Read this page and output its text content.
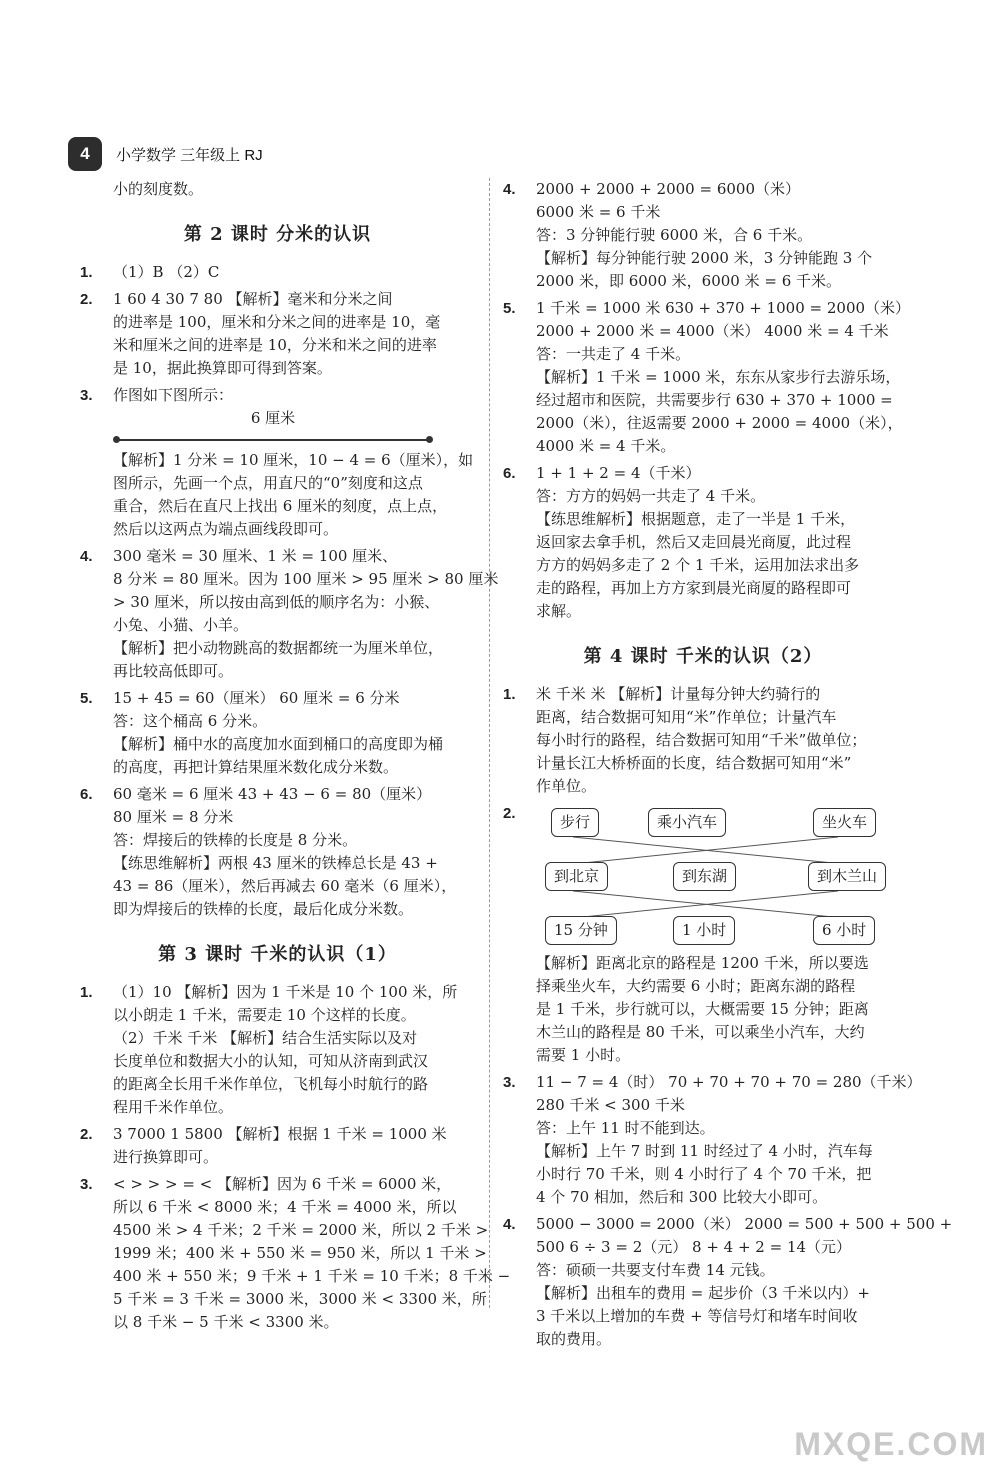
4	小学数学 三年级上 RJ
小的刻度数。
第 2 课时 分米的认识
1. （1）B （2）C
2. 1 60 4 30 7 80 【解析】毫米和分米之间
的进率是 100，厘米和分米之间的进率是 10，毫
米和厘米之间的进率是 10，分米和米之间的进率
是 10，据此换算即可得到答案。
3. 作图如下图所示：
6 厘米
【解析】1 分米 = 10 厘米，10 − 4 = 6（厘米），如
图所示，先画一个点，用直尺的“0”刻度和这点
重合，然后在直尺上找出 6 厘米的刻度，点上点，
然后以这两点为端点画线段即可。
4. 300 毫米 = 30 厘米、1 米 = 100 厘米、
8 分米 = 80 厘米。因为 100 厘米 > 95 厘米 > 80 厘米
> 30 厘米，所以按由高到低的顺序名为：小猴、
小兔、小猫、小羊。
【解析】把小动物跳高的数据都统一为厘米单位，
再比较高低即可。
5. 15 + 45 = 60（厘米） 60 厘米 = 6 分米
答：这个桶高 6 分米。
【解析】桶中水的高度加水面到桶口的高度即为桶
的高度，再把计算结果厘米数化成分米数。
6. 60 毫米 = 6 厘米 43 + 43 − 6 = 80（厘米）
80 厘米 = 8 分米
答：焊接后的铁棒的长度是 8 分米。
【练思维解析】两根 43 厘米的铁棒总长是 43 +
43 = 86（厘米），然后再减去 60 毫米（6 厘米），
即为焊接后的铁棒的长度，最后化成分米数。
第 3 课时 千米的认识（1）
1. （1）10 【解析】因为 1 千米是 10 个 100 米，所
以小朗走 1 千米，需要走 10 个这样的长度。
（2）千米 千米 【解析】结合生活实际以及对
长度单位和数据大小的认知，可知从济南到武汉
的距离全长用千米作单位，飞机每小时航行的路
程用千米作单位。
2. 3 7000 1 5800 【解析】根据 1 千米 = 1000 米
进行换算即可。
3. < > > > = < 【解析】因为 6 千米 = 6000 米，
所以 6 千米 < 8000 米；4 千米 = 4000 米，所以
4500 米 > 4 千米；2 千米 = 2000 米，所以 2 千米 >
1999 米；400 米 + 550 米 = 950 米，所以 1 千米 >
400 米 + 550 米；9 千米 + 1 千米 = 10 千米；8 千米 −
5 千米 = 3 千米 = 3000 米，3000 米 < 3300 米，所
以 8 千米 − 5 千米 < 3300 米。
4. 2000 + 2000 + 2000 = 6000（米）
6000 米 = 6 千米
答：3 分钟能行驶 6000 米，合 6 千米。
【解析】每分钟能行驶 2000 米，3 分钟能跑 3 个
2000 米，即 6000 米，6000 米 = 6 千米。
5. 1 千米 = 1000 米 630 + 370 + 1000 = 2000（米）
2000 + 2000 米 = 4000（米） 4000 米 = 4 千米
答：一共走了 4 千米。
【解析】1 千米 = 1000 米，东东从家步行去游乐场，
经过超市和医院，共需要步行 630 + 370 + 1000 =
2000（米），往返需要 2000 + 2000 = 4000（米），
4000 米 = 4 千米。
6. 1 + 1 + 2 = 4（千米）
答：方方的妈妈一共走了 4 千米。
【练思维解析】根据题意，走了一半是 1 千米，
返回家去拿手机，然后又走回晨光商厦，此过程
方方的妈妈多走了 2 个 1 千米，运用加法求出多
走的路程，再加上方方家到晨光商厦的路程即可
求解。
第 4 课时 千米的认识（2）
1. 米 千米 米 【解析】计量每分钟大约骑行的
距离，结合数据可知用“米”作单位；计量汽车
每小时行的路程，结合数据可知用“千米”做单位；
计量长江大桥桥面的长度，结合数据可知用“米”
作单位。
2.	步行	乘小汽车	坐火车
到北京	到东湖	到木兰山
15 分钟	1 小时	6 小时
【解析】距离北京的路程是 1200 千米，所以要选
择乘坐火车，大约需要 6 小时；距离东湖的路程
是 1 千米，步行就可以，大概需要 15 分钟；距离
木兰山的路程是 80 千米，可以乘坐小汽车，大约
需要 1 小时。
3. 11 − 7 = 4（时） 70 + 70 + 70 + 70 = 280（千米）
280 千米 < 300 千米
答：上午 11 时不能到达。
【解析】上午 7 时到 11 时经过了 4 小时，汽车每
小时行 70 千米，则 4 小时行了 4 个 70 千米，把
4 个 70 相加，然后和 300 比较大小即可。
4. 5000 − 3000 = 2000（米） 2000 = 500 + 500 + 500 +
500 6 ÷ 3 = 2（元） 8 + 4 + 2 = 14（元）
答：硕硕一共要支付车费 14 元钱。
【解析】出租车的费用 = 起步价（3 千米以内）+
3 千米以上增加的车费 + 等信号灯和堵车时间收
取的费用。
MXQE.COM
